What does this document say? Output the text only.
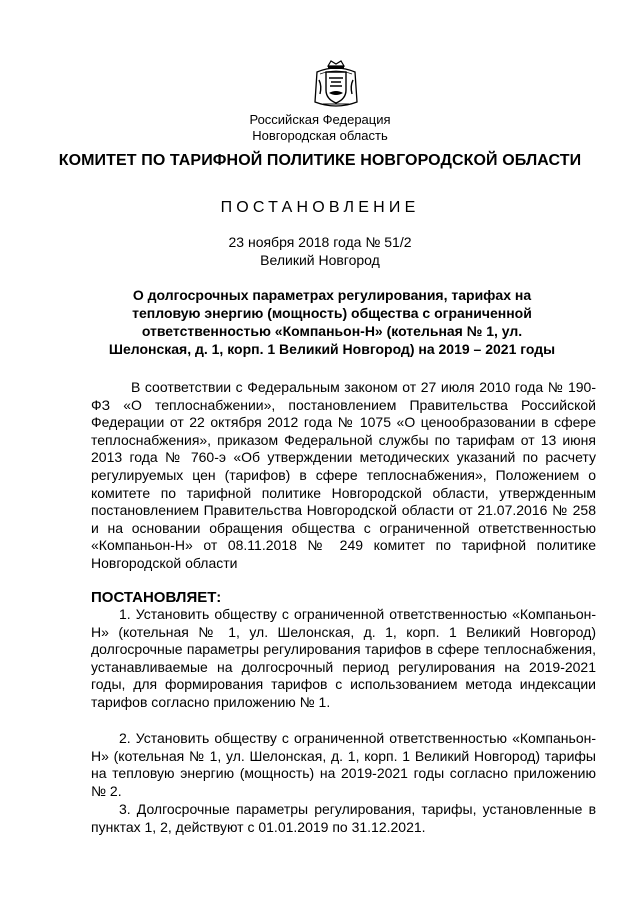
Российская Федерация
Новгородская область
КОМИТЕТ ПО ТАРИФНОЙ ПОЛИТИКЕ НОВГОРОДСКОЙ ОБЛАСТИ
ПОСТАНОВЛЕНИЕ
23 ноября 2018 года № 51/2
Великий Новгород
О долгосрочных параметрах регулирования, тарифах на тепловую энергию (мощность) общества с ограниченной ответственностью «Компаньон-Н» (котельная № 1, ул. Шелонская, д. 1, корп. 1 Великий Новгород) на 2019 – 2021 годы

В соответствии с Федеральным законом от 27 июля 2010 года № 190-ФЗ «О теплоснабжении», постановлением Правительства Российской Федерации от 22 октября 2012 года № 1075 «О ценообразовании в сфере теплоснабжения», приказом Федеральной службы по тарифам от 13 июня 2013 года № 760-э «Об утверждении методических указаний по расчету регулируемых цен (тарифов) в сфере теплоснабжения», Положением о комитете по тарифной политике Новгородской области, утвержденным постановлением Правительства Новгородской области от 21.07.2016 № 258 и на основании обращения общества с ограниченной ответственностью «Компаньон-Н» от 08.11.2018 № 249 комитет по тарифной политике Новгородской области

ПОСТАНОВЛЯЕТ:

1. Установить обществу с ограниченной ответственностью «Компаньон-Н» (котельная № 1, ул. Шелонская, д. 1, корп. 1 Великий Новгород) долгосрочные параметры регулирования тарифов в сфере теплоснабжения, устанавливаемые на долгосрочный период регулирования на 2019-2021 годы, для формирования тарифов с использованием метода индексации тарифов согласно приложению № 1.

2. Установить обществу с ограниченной ответственностью «Компаньон-Н» (котельная № 1, ул. Шелонская, д. 1, корп. 1 Великий Новгород) тарифы на тепловую энергию (мощность) на 2019-2021 годы согласно приложению № 2.

3. Долгосрочные параметры регулирования, тарифы, установленные в пунктах 1, 2, действуют с 01.01.2019 по 31.12.2021.
